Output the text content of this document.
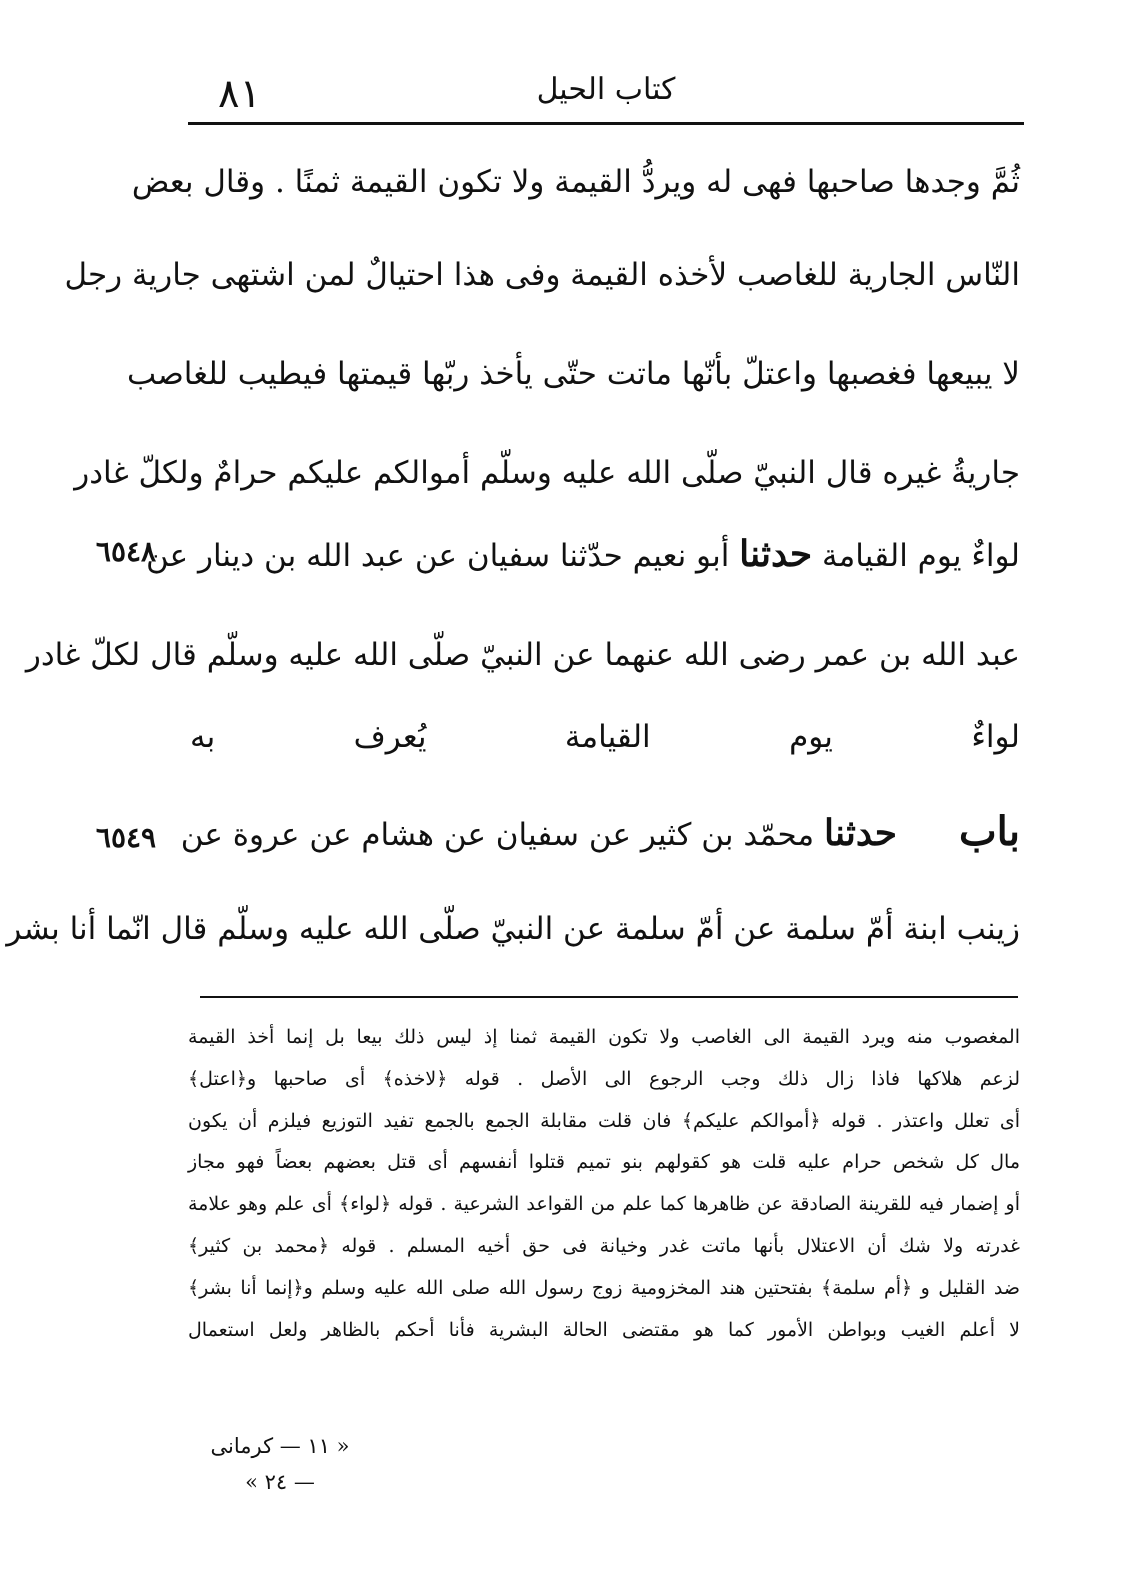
٨١	كتاب الحيل
ثُمَّ وجدها صاحبها فهى له ويردُّ القيمة ولا تكون القيمة ثمنًا . وقال بعض
النّاس الجارية للغاصب لأخذه القيمة وفى هذا احتيالٌ لمن اشتهى جارية رجل
لا يبيعها فغصبها واعتلّ بأنّها ماتت حتّى يأخذ ربّها قيمتها فيطيب للغاصب
جاريةُ غيره قال النبيّ صلّى الله عليه وسلّم أموالكم عليكم حرامٌ ولكلّ غادر
لواءٌ يوم القيامة حدثنا أبو نعيم حدّثنا سفيان عن عبد الله بن دينار عن
عبد الله بن عمر رضى الله عنهما عن النبيّ صلّى الله عليه وسلّم قال لكلّ غادر
لواءٌ يوم القيامة يُعرف به
باب  حدثنا محمّد بن كثير عن سفيان عن هشام عن عروة عن
زينب ابنة أمّ سلمة عن أمّ سلمة عن النبيّ صلّى الله عليه وسلّم قال انّما أنا بشر
٦٥٤٨
٦٥٤٩
المغصوب منه ويرد القيمة الى الغاصب ولا تكون القيمة ثمنا إذ ليس ذلك بيعا بل إنما أخذ القيمة
لزعم هلاكها فاذا زال ذلك وجب الرجوع الى الأصل . قوله ﴿لاخذه﴾ أى صاحبها و﴿اعتل﴾
أى تعلل واعتذر . قوله ﴿أموالكم عليكم﴾ فان قلت مقابلة الجمع بالجمع تفيد التوزيع فيلزم أن يكون
مال كل شخص حرام عليه قلت هو كقولهم بنو تميم قتلوا أنفسهم أى قتل بعضهم بعضاً فهو مجاز
أو إضمار فيه للقرينة الصادقة عن ظاهرها كما علم من القواعد الشرعية . قوله ﴿لواء﴾ أى علم وهو علامة
غدرته ولا شك أن الاعتلال بأنها ماتت غدر وخيانة فى حق أخيه المسلم . قوله ﴿محمد بن كثير﴾
ضد القليل و ﴿أم سلمة﴾ بفتحتين هند المخزومية زوج رسول الله صلى الله عليه وسلم و﴿إنما أنا بشر﴾
لا أعلم الغيب وبواطن الأمور كما هو مقتضى الحالة البشرية فأنا أحكم بالظاهر ولعل استعمال
« ١١ — كرمانى — ٢٤ »
